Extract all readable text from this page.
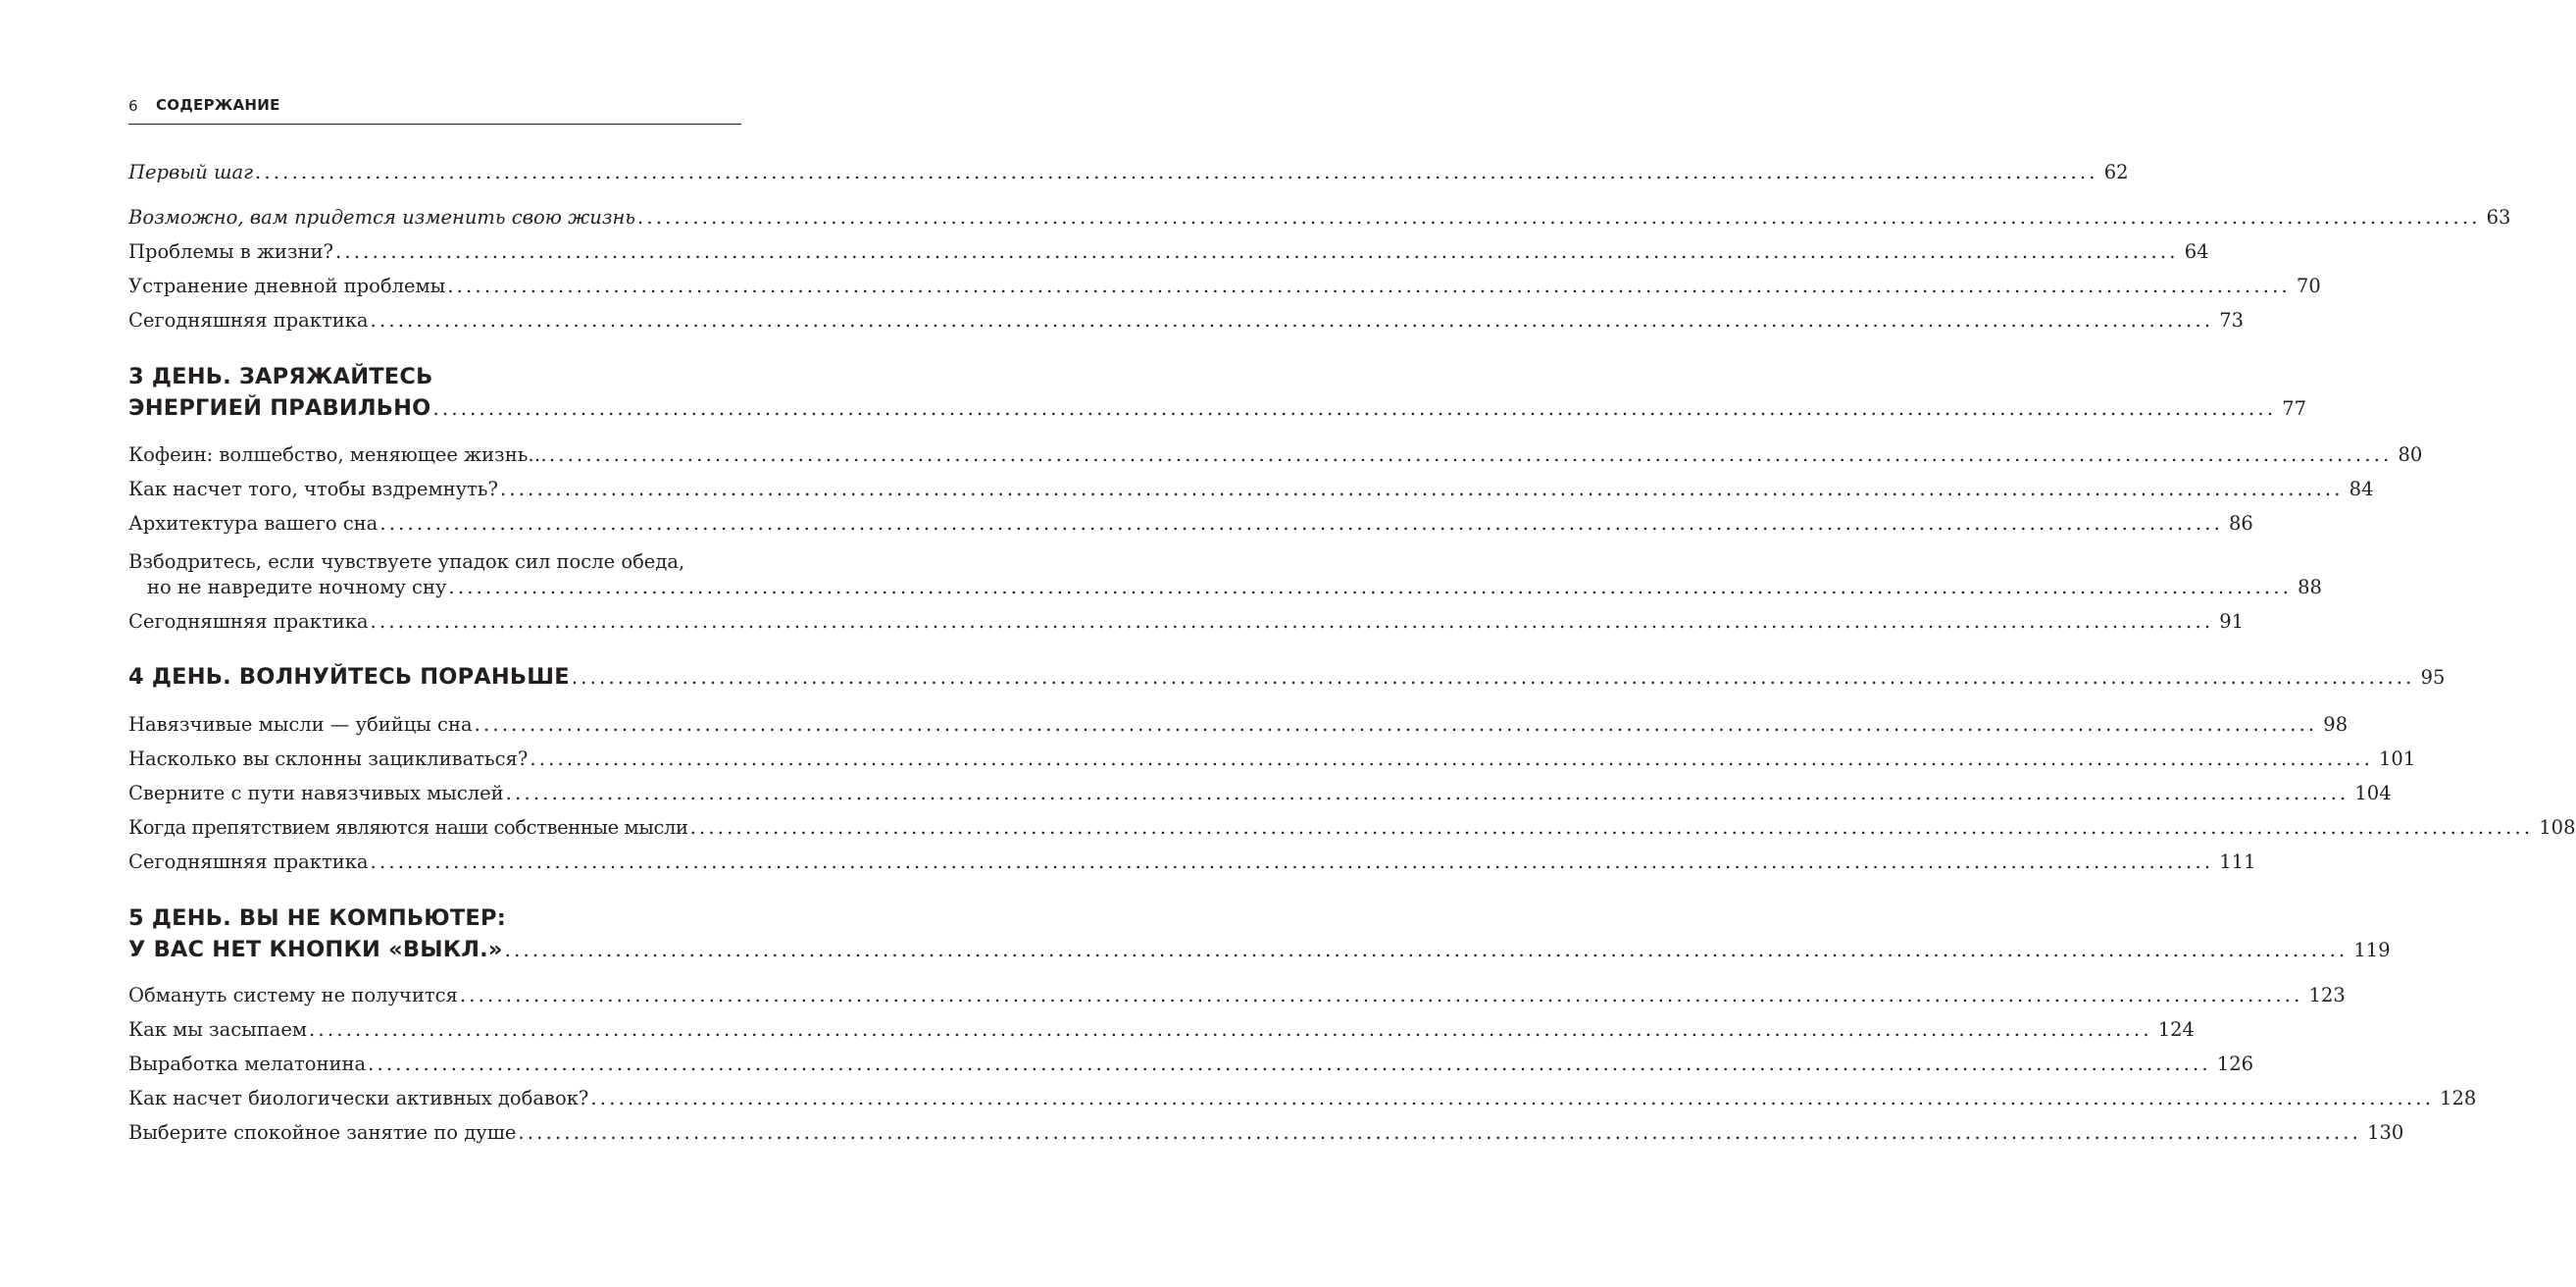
6 СОДЕРЖАНИЕ
Первый шаг ........................................................................................................................................................................................................ 62
Возможно, вам придется изменить свою жизнь ........................................................................................................................................................................................................ 63
Проблемы в жизни? ........................................................................................................................................................................................................ 64
Устранение дневной проблемы ........................................................................................................................................................................................................ 70
Сегодняшняя практика ........................................................................................................................................................................................................ 73
3 ДЕНЬ. ЗАРЯЖАЙТЕСЬ
ЭНЕРГИЕЙ ПРАВИЛЬНО ........................................................................................................................................................................................................ 77
Кофеин: волшебство, меняющее жизнь… ........................................................................................................................................................................................................ 80
Как насчет того, чтобы вздремнуть? ........................................................................................................................................................................................................ 84
Архитектура вашего сна ........................................................................................................................................................................................................ 86
Взбодритесь, если чувствуете упадок сил после обеда,
но не навредите ночному сну ........................................................................................................................................................................................................ 88
Сегодняшняя практика ........................................................................................................................................................................................................ 91
4 ДЕНЬ. ВОЛНУЙТЕСЬ ПОРАНЬШЕ ........................................................................................................................................................................................................ 95
Навязчивые мысли — убийцы сна ........................................................................................................................................................................................................ 98
Насколько вы склонны зацикливаться? ........................................................................................................................................................................................................ 101
Сверните с пути навязчивых мыслей ........................................................................................................................................................................................................ 104
Когда препятствием являются наши собственные мысли ........................................................................................................................................................................................................ 108
Сегодняшняя практика ........................................................................................................................................................................................................ 111
5 ДЕНЬ. ВЫ НЕ КОМПЬЮТЕР:
У ВАС НЕТ КНОПКИ «ВЫКЛ.» ........................................................................................................................................................................................................ 119
Обмануть систему не получится ........................................................................................................................................................................................................ 123
Как мы засыпаем ........................................................................................................................................................................................................ 124
Выработка мелатонина ........................................................................................................................................................................................................ 126
Как насчет биологически активных добавок? ........................................................................................................................................................................................................ 128
Выберите спокойное занятие по душе ........................................................................................................................................................................................................ 130
